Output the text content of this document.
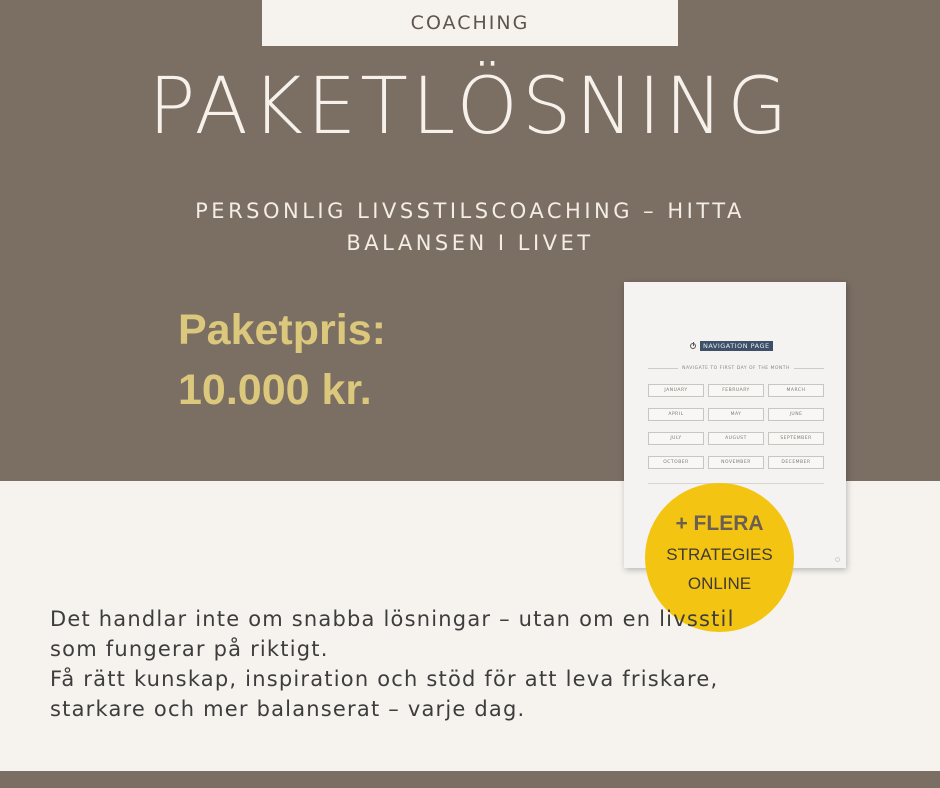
COACHING
PAKETLÖSNING
PERSONLIG LIVSSTILSCOACHING – HITTA
BALANSEN I LIVET
Paketpris:
10.000 kr.
NAVIGATION PAGE
NAVIGATE TO FIRST DAY OF THE MONTH
JANUARY	FEBRUARY	MARCH
APRIL	MAY	JUNE
JULY	AUGUST	SEPTEMBER
OCTOBER	NOVEMBER	DECEMBER
+ FLERA
STRATEGIES
ONLINE

Det handlar inte om snabba lösningar – utan om en livsstil

som fungerar på riktigt.

Få rätt kunskap, inspiration och stöd för att leva friskare,

starkare och mer balanserat – varje dag.
